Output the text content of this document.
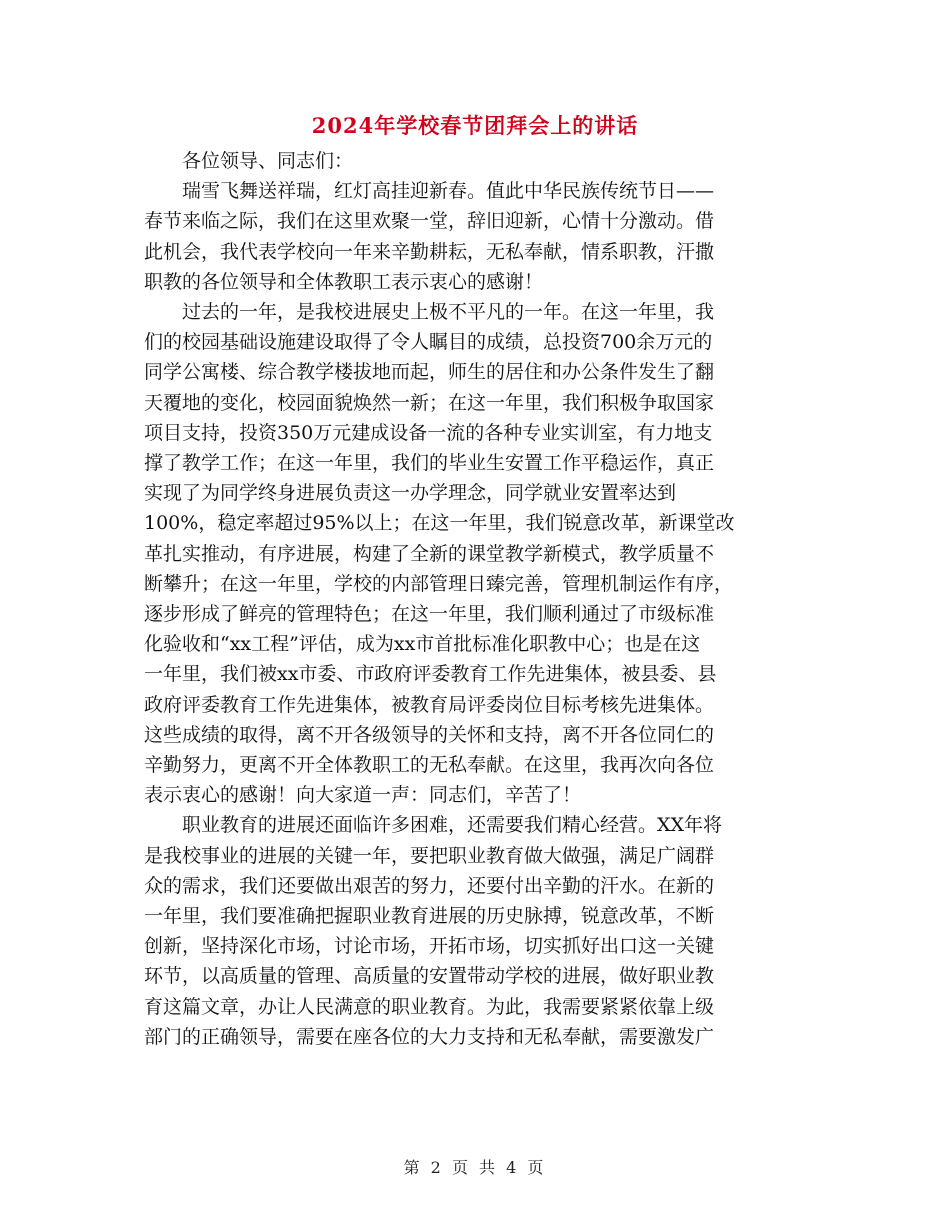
2024年学校春节团拜会上的讲话
　　各位领导、同志们：
　　瑞雪飞舞送祥瑞，红灯高挂迎新春。值此中华民族传统节日——
春节来临之际，我们在这里欢聚一堂，辞旧迎新，心情十分激动。借
此机会，我代表学校向一年来辛勤耕耘，无私奉献，情系职教，汗撒
职教的各位领导和全体教职工表示衷心的感谢！
　　过去的一年，是我校进展史上极不平凡的一年。在这一年里，我
们的校园基础设施建设取得了令人瞩目的成绩，总投资700余万元的
同学公寓楼、综合教学楼拔地而起，师生的居住和办公条件发生了翻
天覆地的变化，校园面貌焕然一新；在这一年里，我们积极争取国家
项目支持，投资350万元建成设备一流的各种专业实训室，有力地支
撑了教学工作；在这一年里，我们的毕业生安置工作平稳运作，真正
实现了为同学终身进展负责这一办学理念，同学就业安置率达到
100%，稳定率超过95%以上；在这一年里，我们锐意改革，新课堂改
革扎实推动，有序进展，构建了全新的课堂教学新模式，教学质量不
断攀升；在这一年里，学校的内部管理日臻完善，管理机制运作有序，
逐步形成了鲜亮的管理特色；在这一年里，我们顺利通过了市级标准
化验收和“xx工程”评估，成为xx市首批标准化职教中心；也是在这
一年里，我们被xx市委、市政府评委教育工作先进集体，被县委、县
政府评委教育工作先进集体，被教育局评委岗位目标考核先进集体。
这些成绩的取得，离不开各级领导的关怀和支持，离不开各位同仁的
辛勤努力，更离不开全体教职工的无私奉献。在这里，我再次向各位
表示衷心的感谢！向大家道一声：同志们，辛苦了！
　　职业教育的进展还面临许多困难，还需要我们精心经营。XX年将
是我校事业的进展的关键一年，要把职业教育做大做强，满足广阔群
众的需求，我们还要做出艰苦的努力，还要付出辛勤的汗水。在新的
一年里，我们要准确把握职业教育进展的历史脉搏，锐意改革，不断
创新，坚持深化市场，讨论市场，开拓市场，切实抓好出口这一关键
环节，以高质量的管理、高质量的安置带动学校的进展，做好职业教
育这篇文章，办让人民满意的职业教育。为此，我需要紧紧依靠上级
部门的正确领导，需要在座各位的大力支持和无私奉献，需要激发广
第 2 页 共 4 页
